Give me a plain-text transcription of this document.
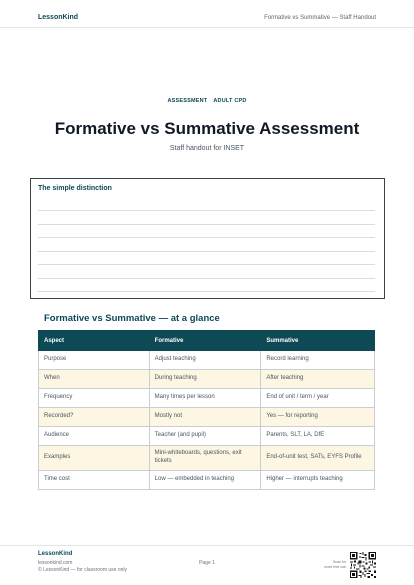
LessonKind	Formative vs Summative — Staff Handout
ASSESSMENT ADULT CPD
Formative vs Summative Assessment
Staff handout for INSET
The simple distinction
Formative vs Summative — at a glance
Aspect	Formative	Summative
Purpose	Adjust teaching	Record learning
When	During teaching	After teaching
Frequency	Many times per lesson	End of unit / term / year
Recorded?	Mostly not	Yes — for reporting
Audience	Teacher (and pupil)	Parents, SLT, LA, DfE
Examples	Mini-whiteboards, questions, exit tickets	End-of-unit test, SATs, EYFS Profile
Time cost	Low — embedded in teaching	Higher — interrupts teaching
LessonKind
lessonkind.com
© LessonKind — for classroom use only
Page 1	Scan for
more free use
